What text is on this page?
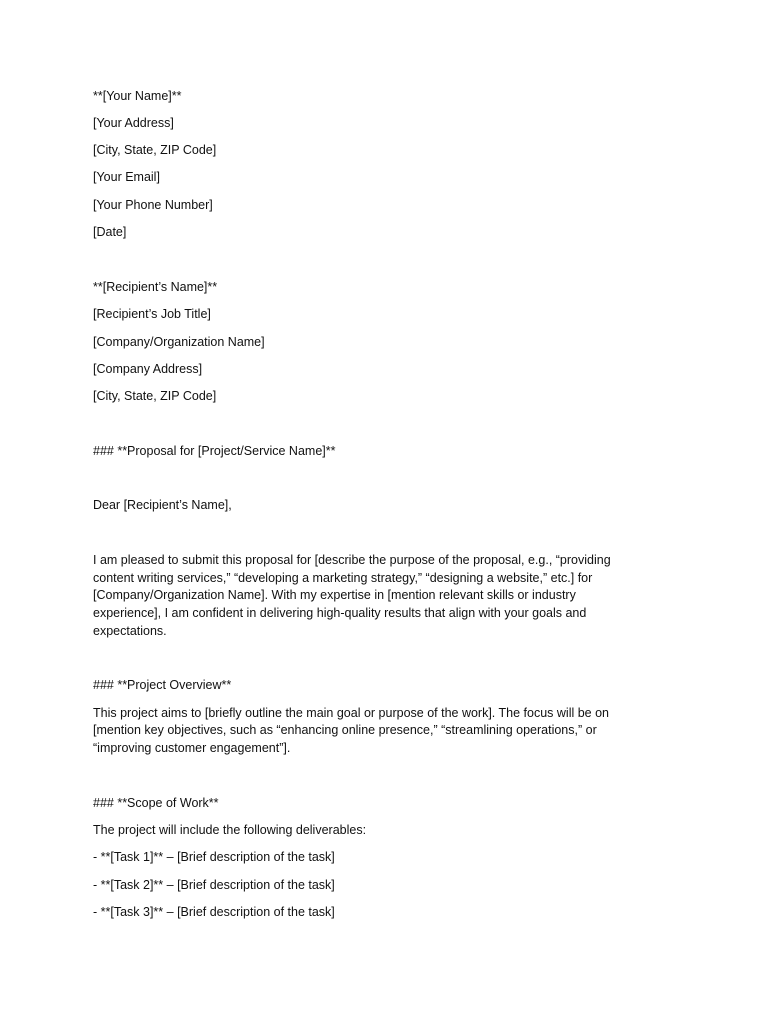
**[Your Name]**
[Your Address]
[City, State, ZIP Code]
[Your Email]
[Your Phone Number]
[Date]
**[Recipient’s Name]**
[Recipient’s Job Title]
[Company/Organization Name]
[Company Address]
[City, State, ZIP Code]
### **Proposal for [Project/Service Name]**
Dear [Recipient’s Name],
I am pleased to submit this proposal for [describe the purpose of the proposal, e.g., “providing
content writing services,” “developing a marketing strategy,” “designing a website,” etc.] for
[Company/Organization Name]. With my expertise in [mention relevant skills or industry
experience], I am confident in delivering high-quality results that align with your goals and
expectations.
### **Project Overview**
This project aims to [briefly outline the main goal or purpose of the work]. The focus will be on
[mention key objectives, such as “enhancing online presence,” “streamlining operations,” or
“improving customer engagement”].
### **Scope of Work**
The project will include the following deliverables:
- **[Task 1]** – [Brief description of the task]
- **[Task 2]** – [Brief description of the task]
- **[Task 3]** – [Brief description of the task]
